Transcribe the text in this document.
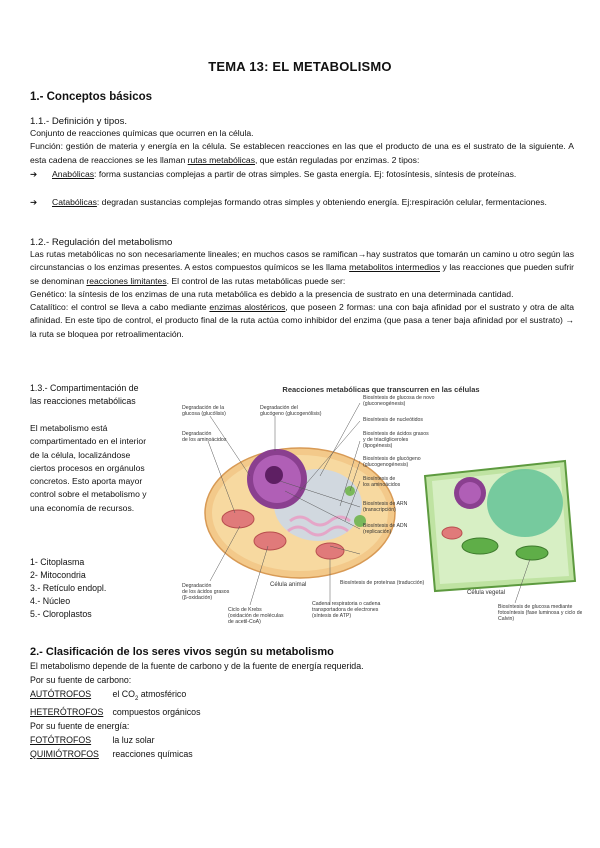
TEMA 13: EL METABOLISMO
1.- Conceptos básicos
1.1.- Definición y tipos.

Conjunto de reacciones químicas que ocurren en la célula.
Función: gestión de materia y energía en la célula. Se establecen reacciones en las que el producto de una es el sustrato de la siguiente. A esta cadena de reacciones se les llaman rutas metabólicas, que están reguladas por enzimas. 2 tipos:

➔ Anabólicas: forma sustancias complejas a partir de otras simples. Se gasta energía. Ej: fotosíntesis, síntesis de proteínas.
➔ Catabólicas: degradan sustancias complejas formando otras simples y obteniendo energía. Ej:respiración celular, fermentaciones.
1.2.- Regulación del metabolismo

Las rutas metabólicas no son necesariamente lineales; en muchos casos se ramifican→hay sustratos que tomarán un camino u otro según las circunstancias o los enzimas presentes. A estos compuestos químicos se les llama metabolitos intermedios y las reacciones que pueden sufrir se denominan reacciones limitantes. El control de las rutas metabólicas puede ser:
Genético: la síntesis de los enzimas de una ruta metabólica es debido a la presencia de sustrato en una determinada cantidad.
Catalítico: el control se lleva a cabo mediante enzimas alostéricos, que poseen 2 formas: una con baja afinidad por el sustrato y otra de alta afinidad. En este tipo de control, el producto final de la ruta actúa como inhibidor del enzima (que pasa a tener baja afinidad por el sustrato) → la ruta se bloquea por retroalimentación.

1.3.- Compartimentación de las reacciones metabólicas
El metabolismo está compartimentado en el interior de la célula, localizándose ciertos procesos en orgánulos concretos. Esto aporta mayor control sobre el metabolismo y una economía de recursos.
1- Citoplasma
2- Mitocondria
3.- Retículo endopl.
4.- Núcleo
5.- Cloroplastos
Reacciones metabólicas que transcurren en las células
Degradación de la glucosa (glucólisis)
Degradación del glucógeno (glucogenólisis)
Degradación de los aminoácidos
Biosíntesis de glucosa de novo (gluconeogénesis)
Biosíntesis de nucleótidos
Biosíntesis de ácidos grasos y de triacilgliceroles (lipogénesis)
Biosíntesis de glucógeno (glucogenogénesis)
Biosíntesis de los aminoácidos
Biosíntesis de ARN (transcripción)
Biosíntesis de ADN (replicación)
Biosíntesis de proteínas (traducción)
Célula animal
Degradación de los ácidos grasos (β-oxidación)
Ciclo de Krebs (oxidación de moléculas de acetil-CoA)
Cadena respiratoria o cadena transportadora de electrones (síntesis de ATP)
Célula vegetal
Biosíntesis de glucosa mediante fotosíntesis (fase luminosa y ciclo de Calvin)
2.- Clasificación de los seres vivos según su metabolismo
El metabolismo depende de la fuente de carbono y de la fuente de energía requerida.
Por su fuente de carbono:
AUTÓTROFOS el $CO_2$ atmosférico
HETERÓTROFOS compuestos orgánicos
Por su fuente de energía:
FOTÓTROFOS la luz solar
QUIMIÓTROFOS reacciones químicas
